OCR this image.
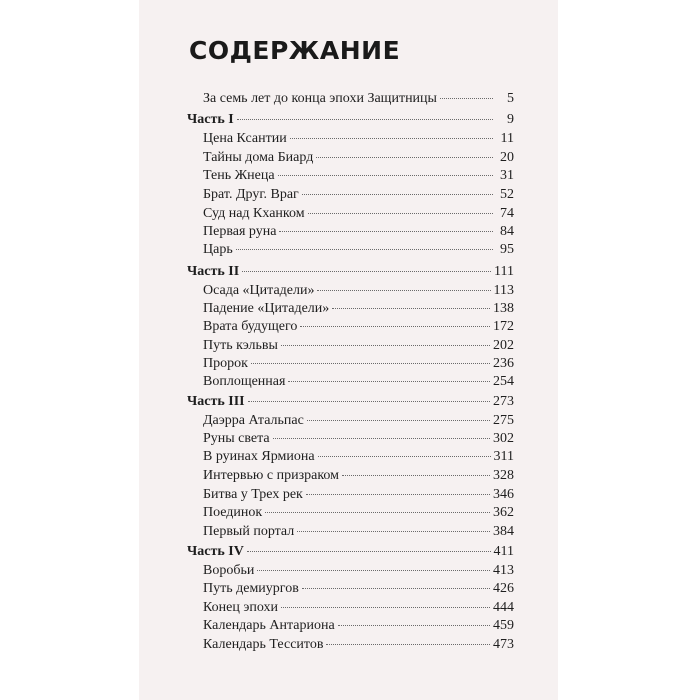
СОДЕРЖАНИЕ
За семь лет до конца эпохи Защитницы	5
Часть I	9
Цена Ксантии	11
Тайны дома Биард	20
Тень Жнеца	31
Брат. Друг. Враг	52
Суд над Кханком	74
Первая руна	84
Царь	95
Часть II	111
Осада «Цитадели»	113
Падение «Цитадели»	138
Врата будущего	172
Путь кэльвы	202
Пророк	236
Воплощенная	254
Часть III	273
Даэрра Атальпас	275
Руны света	302
В руинах Ярмиона	311
Интервью с призраком	328
Битва у Трех рек	346
Поединок	362
Первый портал	384
Часть IV	411
Воробьи	413
Путь демиургов	426
Конец эпохи	444
Календарь Антариона	459
Календарь Тесситов	473
